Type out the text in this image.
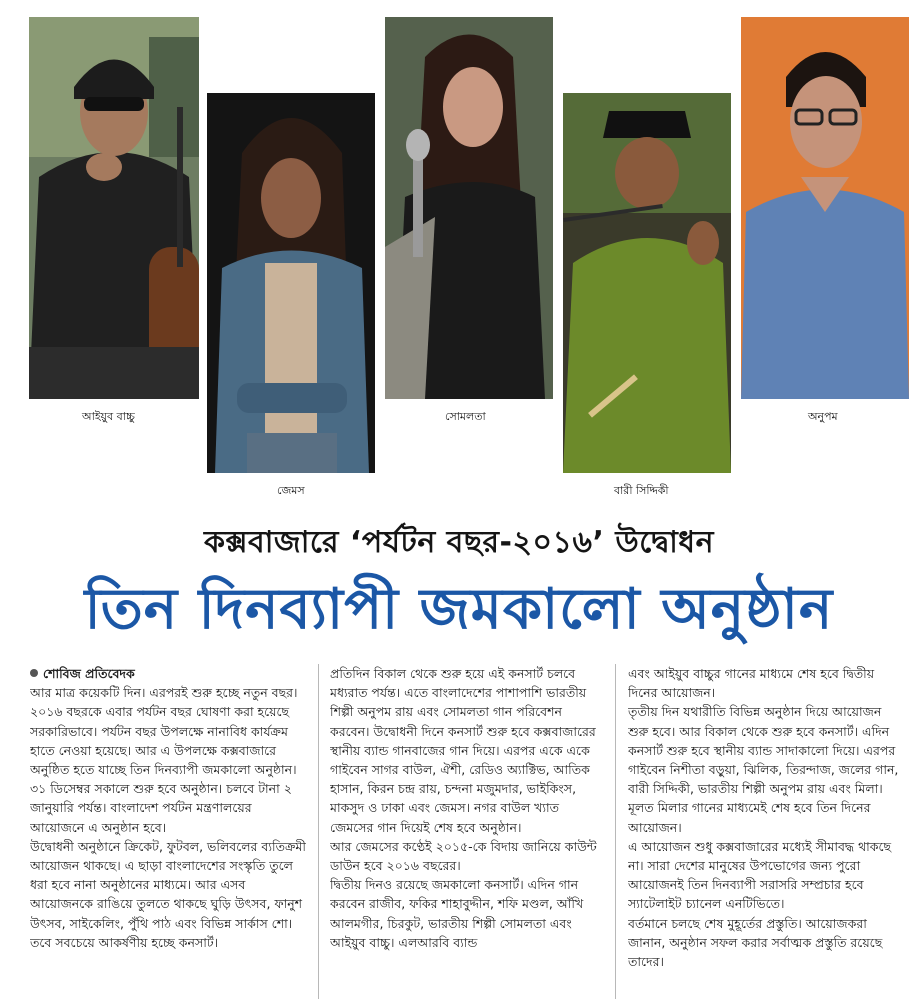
আইয়ুব বাচ্চু
জেমস
সোমলতা
বারী সিদ্দিকী
অনুপম
কক্সবাজারে ‘পর্যটন বছর-২০১৬’ উদ্বোধন
তিন দিনব্যাপী জমকালো অনুষ্ঠান

শোবিজ প্রতিবেদক

আর মাত্র কয়েকটি দিন। এরপরই শুরু হচ্ছে নতুন বছর। ২০১৬ বছরকে এবার পর্যটন বছর ঘোষণা করা হয়েছে সরকারিভাবে। পর্যটন বছর উপলক্ষে নানাবিধ কার্যক্রম হাতে নেওয়া হয়েছে। আর এ উপলক্ষে কক্সবাজারে অনুষ্ঠিত হতে যাচ্ছে তিন দিনব্যাপী জমকালো অনুষ্ঠান। ৩১ ডিসেম্বর সকালে শুরু হবে অনুষ্ঠান। চলবে টানা ২ জানুয়ারি পর্যন্ত। বাংলাদেশ পর্যটন মন্ত্রণালয়ের আয়োজনে এ অনুষ্ঠান হবে।

উদ্বোধনী অনুষ্ঠানে ক্রিকেট, ফুটবল, ভলিবলের ব্যতিক্রমী আয়োজন থাকছে। এ ছাড়া বাংলাদেশের সংস্কৃতি তুলে ধরা হবে নানা অনুষ্ঠানের মাধ্যমে। আর এসব আয়োজনকে রাঙিয়ে তুলতে থাকছে ঘুড়ি উৎসব, ফানুশ উৎসব, সাইকেলিং, পুঁথি পাঠ এবং বিভিন্ন সার্কাস শো। তবে সবচেয়ে আকর্ষণীয় হচ্ছে কনসার্ট।

প্রতিদিন বিকাল থেকে শুরু হয়ে এই কনসার্ট চলবে মধ্যরাত পর্যন্ত। এতে বাংলাদেশের পাশাপাশি ভারতীয় শিল্পী অনুপম রায় এবং সোমলতা গান পরিবেশন করবেন। উদ্বোধনী দিনে কনসার্ট শুরু হবে কক্সবাজারের স্থানীয় ব্যান্ড গানবাজের গান দিয়ে। এরপর একে একে গাইবেন সাগর বাউল, ঐশী, রেডিও অ্যাক্টিভ, আতিক হাসান, কিরন চন্দ্র রায়, চন্দনা মজুমদার, ভাইকিংস, মাকসুদ ও ঢাকা এবং জেমস। নগর বাউল খ্যাত জেমসের গান দিয়েই শেষ হবে অনুষ্ঠান।

আর জেমসের কণ্ঠেই ২০১৫-কে বিদায় জানিয়ে কাউন্ট ডাউন হবে ২০১৬ বছরের।

দ্বিতীয় দিনও রয়েছে জমকালো কনসার্ট। এদিন গান করবেন রাজীব, ফকির শাহাবুদ্দীন, শফি মণ্ডল, আঁখি আলমগীর, চিরকুট, ভারতীয় শিল্পী সোমলতা এবং আইয়ুব বাচ্চু। এলআরবি ব্যান্ড

এবং আইয়ুব বাচ্চুর গানের মাধ্যমে শেষ হবে দ্বিতীয় দিনের আয়োজন।

তৃতীয় দিন যথারীতি বিভিন্ন অনুষ্ঠান দিয়ে আয়োজন শুরু হবে। আর বিকাল থেকে শুরু হবে কনসার্ট। এদিন কনসার্ট শুরু হবে স্থানীয় ব্যান্ড সাদাকালো দিয়ে। এরপর গাইবেন নিশীতা বড়ুয়া, ঝিলিক, তিরন্দাজ, জলের গান, বারী সিদ্দিকী, ভারতীয় শিল্পী অনুপম রায় এবং মিলা। মূলত মিলার গানের মাধ্যমেই শেষ হবে তিন দিনের আয়োজন।

এ আয়োজন শুধু কক্সবাজারের মধ্যেই সীমাবদ্ধ থাকছে না। সারা দেশের মানুষের উপভোগের জন্য পুরো আয়োজনই তিন দিনব্যাপী সরাসরি সম্প্রচার হবে স্যাটেলাইট চ্যানেল এনটিভিতে।

বর্তমানে চলছে শেষ মুহূর্তের প্রস্তুতি। আয়োজকরা জানান, অনুষ্ঠান সফল করার সর্বাত্মক প্রস্তুতি রয়েছে তাদের।
